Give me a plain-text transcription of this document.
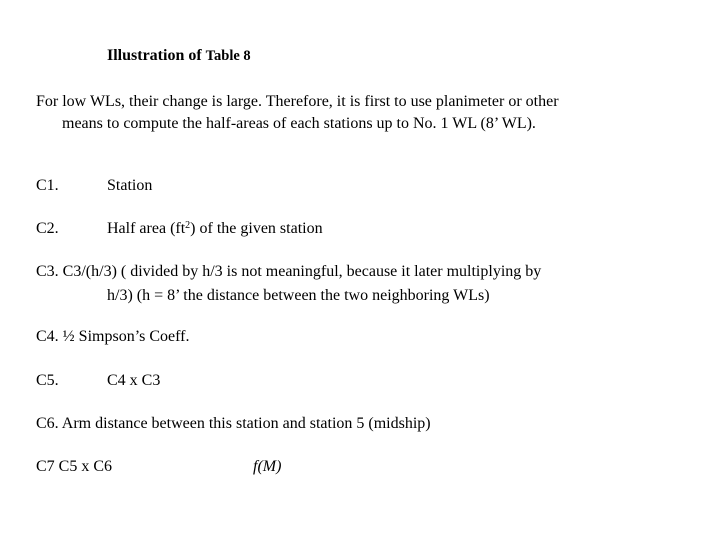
Illustration of Table 8
For low WLs, their change is large. Therefore, it is first to use planimeter or other
means to compute the half-areas of each stations up to No. 1 WL (8’ WL).
C1.	Station
C2.	Half area $(ft^2)$ of the given station
C3. C3/(h/3) ( divided by h/3 is not meaningful, because it later multiplying by
h/3) (h = 8’ the distance between the two neighboring WLs)
C4. ½ Simpson’s Coeff.
C5.	C4 x C3
C6. Arm distance between this station and station 5 (midship)
C7 C5 x C6	f(M)
